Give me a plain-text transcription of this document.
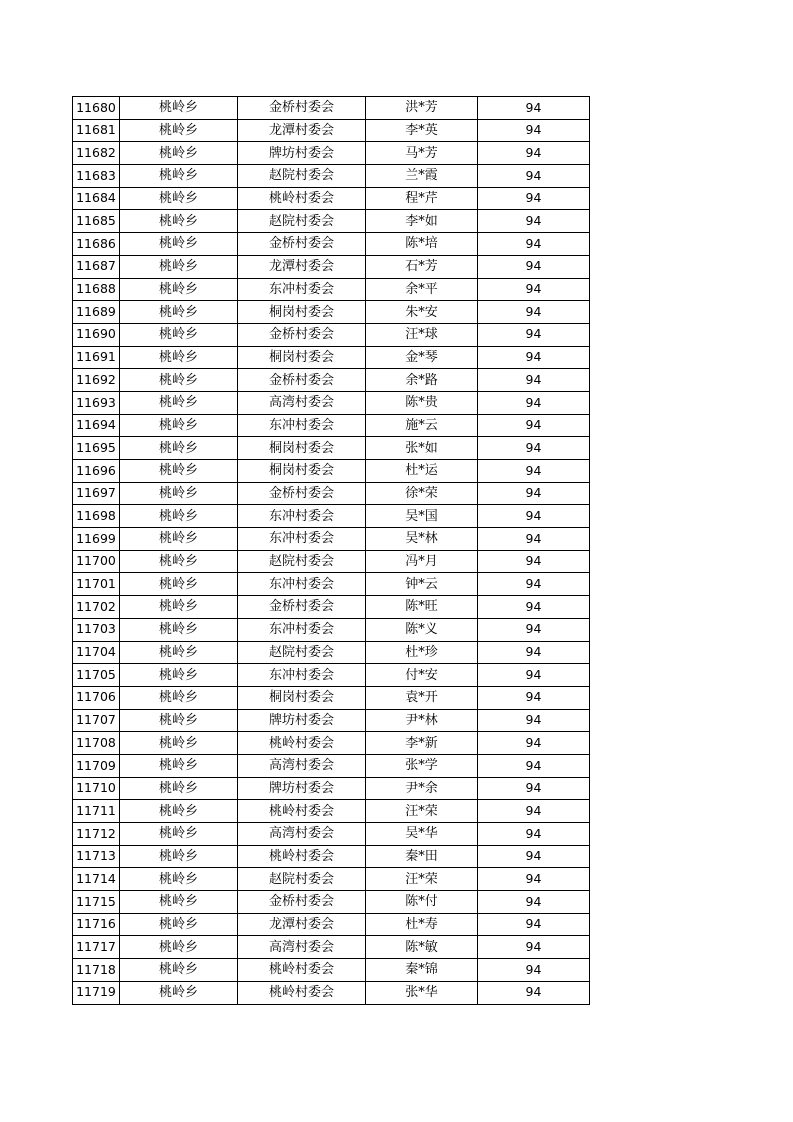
11680	桃岭乡	金桥村委会	洪*芳	94
11681	桃岭乡	龙潭村委会	李*英	94
11682	桃岭乡	牌坊村委会	马*芳	94
11683	桃岭乡	赵院村委会	兰*霞	94
11684	桃岭乡	桃岭村委会	程*芹	94
11685	桃岭乡	赵院村委会	李*如	94
11686	桃岭乡	金桥村委会	陈*培	94
11687	桃岭乡	龙潭村委会	石*芳	94
11688	桃岭乡	东冲村委会	余*平	94
11689	桃岭乡	桐岗村委会	朱*安	94
11690	桃岭乡	金桥村委会	汪*球	94
11691	桃岭乡	桐岗村委会	金*琴	94
11692	桃岭乡	金桥村委会	余*路	94
11693	桃岭乡	高湾村委会	陈*贵	94
11694	桃岭乡	东冲村委会	施*云	94
11695	桃岭乡	桐岗村委会	张*如	94
11696	桃岭乡	桐岗村委会	杜*运	94
11697	桃岭乡	金桥村委会	徐*荣	94
11698	桃岭乡	东冲村委会	吴*国	94
11699	桃岭乡	东冲村委会	吴*林	94
11700	桃岭乡	赵院村委会	冯*月	94
11701	桃岭乡	东冲村委会	钟*云	94
11702	桃岭乡	金桥村委会	陈*旺	94
11703	桃岭乡	东冲村委会	陈*义	94
11704	桃岭乡	赵院村委会	杜*珍	94
11705	桃岭乡	东冲村委会	付*安	94
11706	桃岭乡	桐岗村委会	袁*开	94
11707	桃岭乡	牌坊村委会	尹*林	94
11708	桃岭乡	桃岭村委会	李*新	94
11709	桃岭乡	高湾村委会	张*学	94
11710	桃岭乡	牌坊村委会	尹*余	94
11711	桃岭乡	桃岭村委会	汪*荣	94
11712	桃岭乡	高湾村委会	吴*华	94
11713	桃岭乡	桃岭村委会	秦*田	94
11714	桃岭乡	赵院村委会	汪*荣	94
11715	桃岭乡	金桥村委会	陈*付	94
11716	桃岭乡	龙潭村委会	杜*寿	94
11717	桃岭乡	高湾村委会	陈*敏	94
11718	桃岭乡	桃岭村委会	秦*锦	94
11719	桃岭乡	桃岭村委会	张*华	94
